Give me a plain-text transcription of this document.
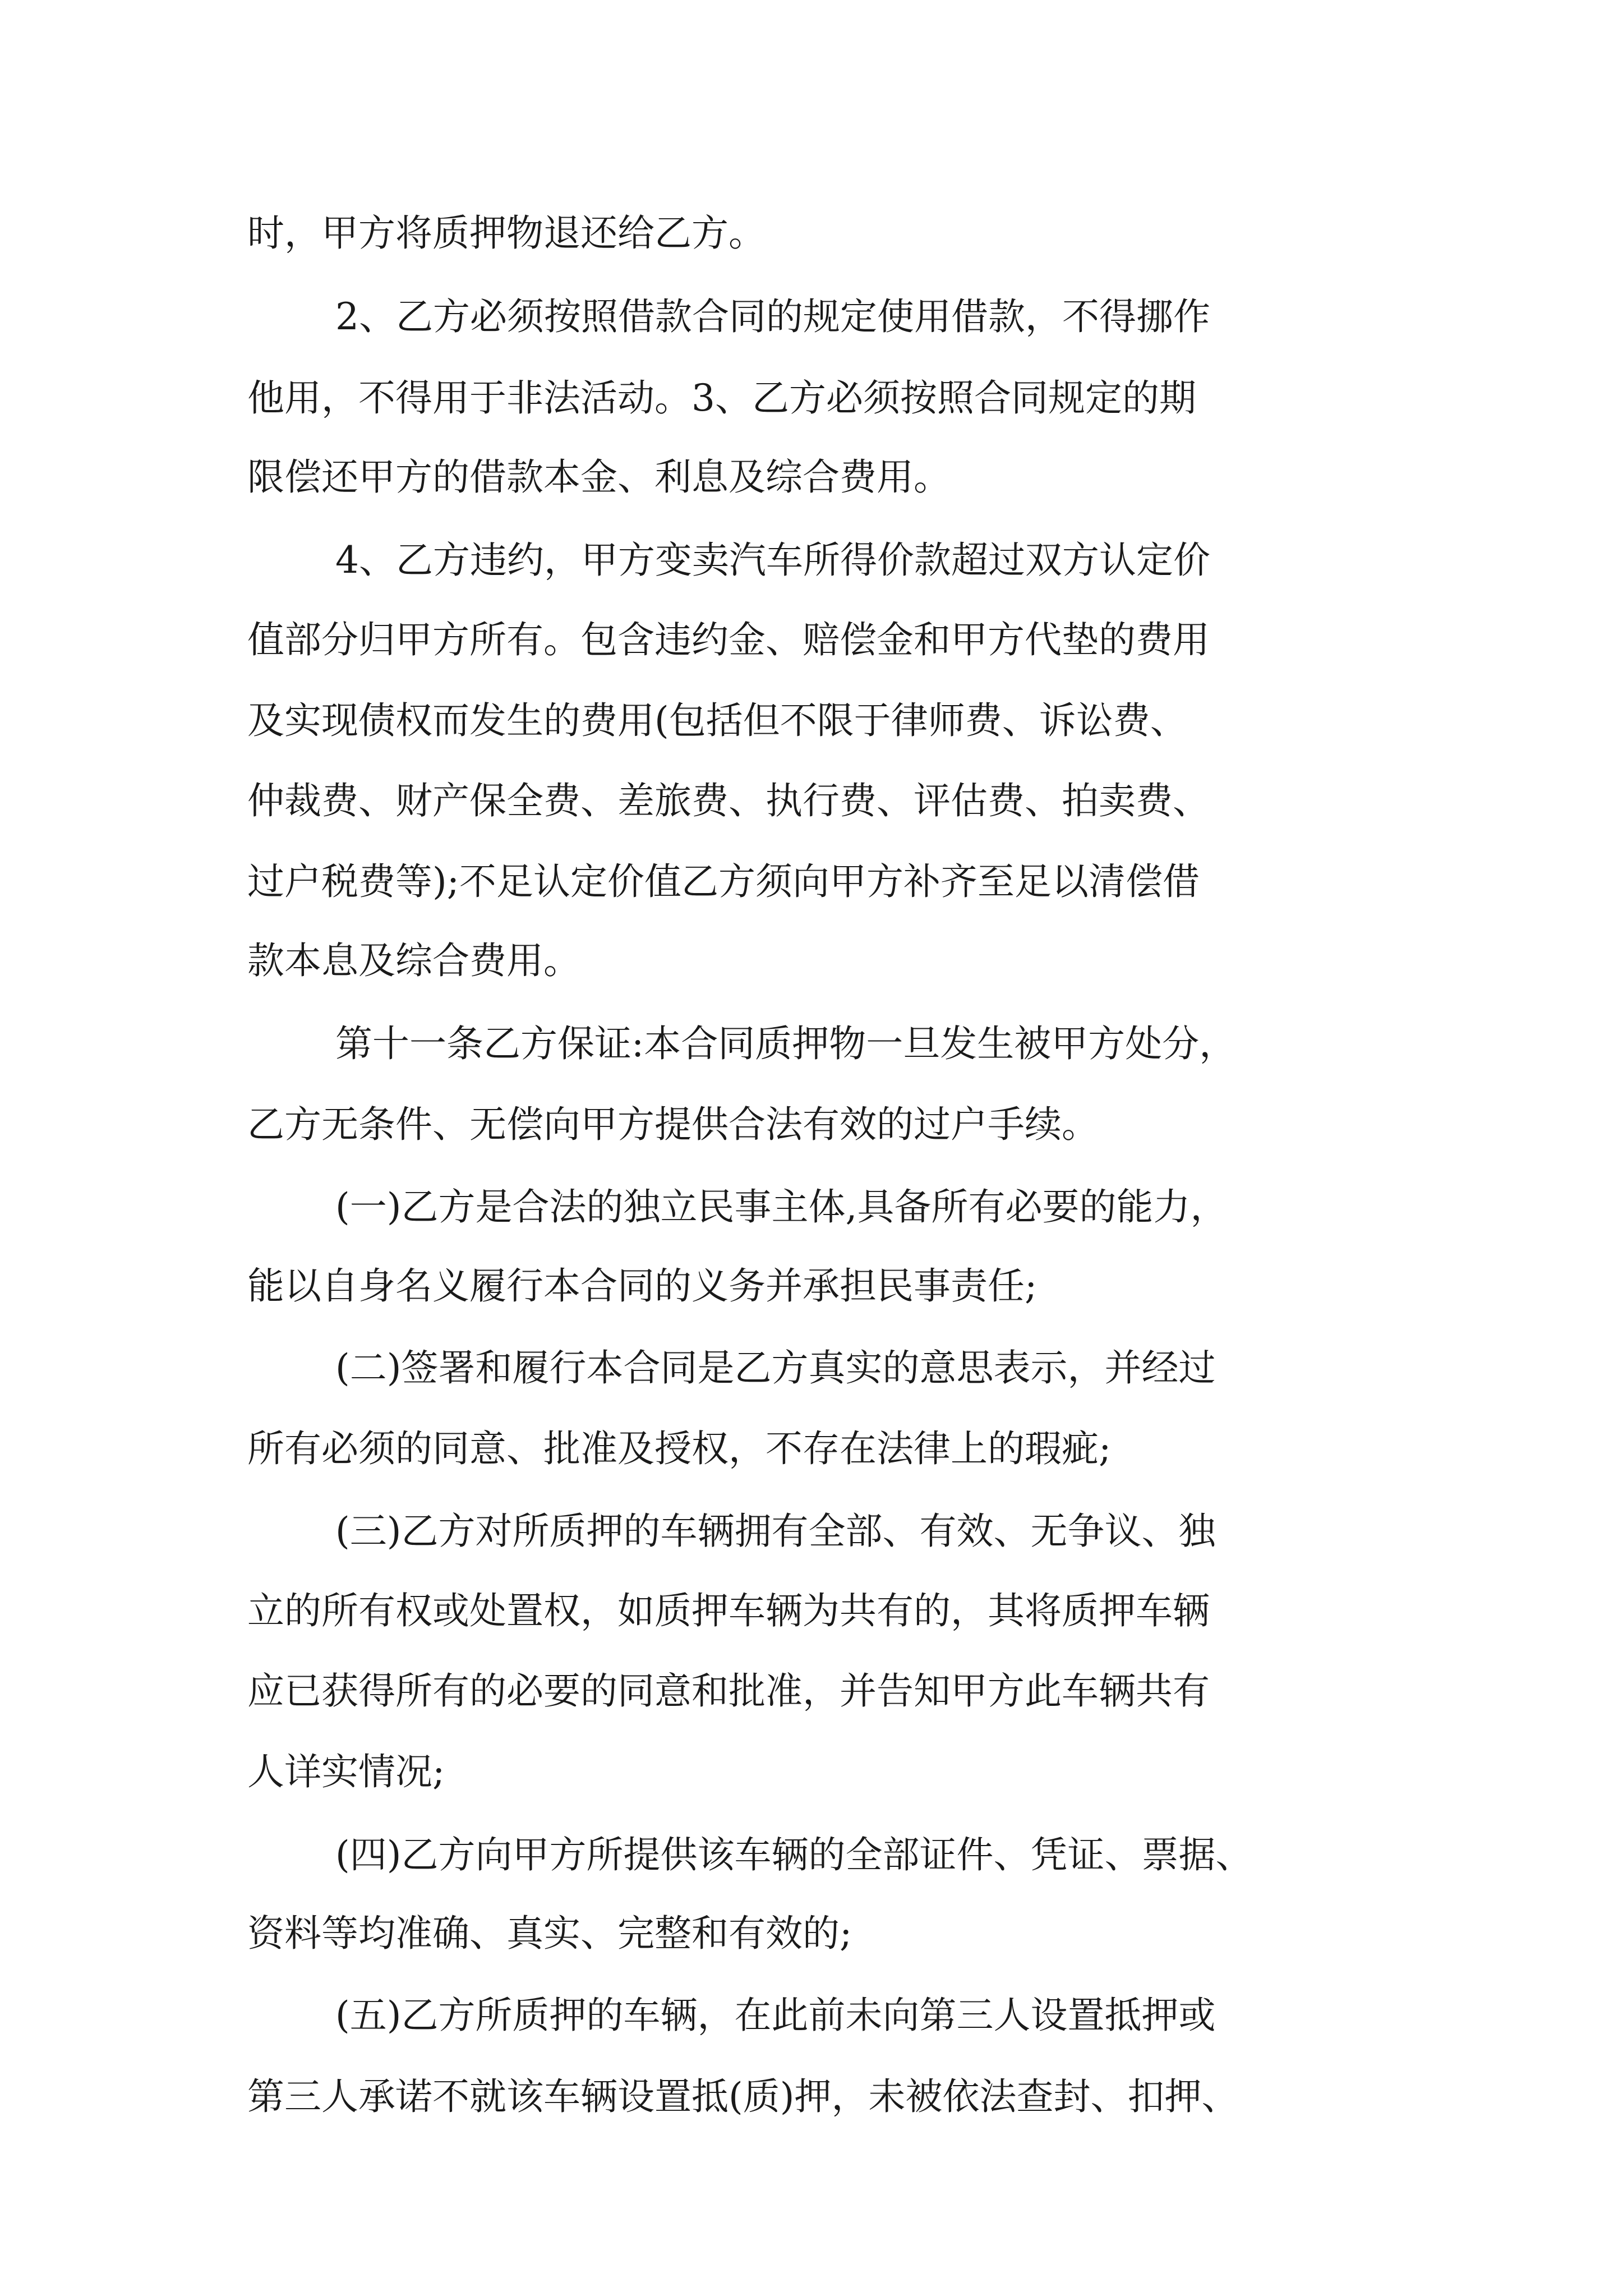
时，甲方将质押物退还给乙方。
2、乙方必须按照借款合同的规定使用借款，不得挪作
他用，不得用于非法活动。3、乙方必须按照合同规定的期
限偿还甲方的借款本金、利息及综合费用。
4、乙方违约，甲方变卖汽车所得价款超过双方认定价
值部分归甲方所有。包含违约金、赔偿金和甲方代垫的费用
及实现债权而发生的费用(包括但不限于律师费、诉讼费、
仲裁费、财产保全费、差旅费、执行费、评估费、拍卖费、
过户税费等);不足认定价值乙方须向甲方补齐至足以清偿借
款本息及综合费用。
第十一条乙方保证:本合同质押物一旦发生被甲方处分，
乙方无条件、无偿向甲方提供合法有效的过户手续。
(一)乙方是合法的独立民事主体,具备所有必要的能力，
能以自身名义履行本合同的义务并承担民事责任;
(二)签署和履行本合同是乙方真实的意思表示，并经过
所有必须的同意、批准及授权，不存在法律上的瑕疵;
(三)乙方对所质押的车辆拥有全部、有效、无争议、独
立的所有权或处置权，如质押车辆为共有的，其将质押车辆
应已获得所有的必要的同意和批准，并告知甲方此车辆共有
人详实情况;
(四)乙方向甲方所提供该车辆的全部证件、凭证、票据、
资料等均准确、真实、完整和有效的;
(五)乙方所质押的车辆，在此前未向第三人设置抵押或
第三人承诺不就该车辆设置抵(质)押，未被依法查封、扣押、
